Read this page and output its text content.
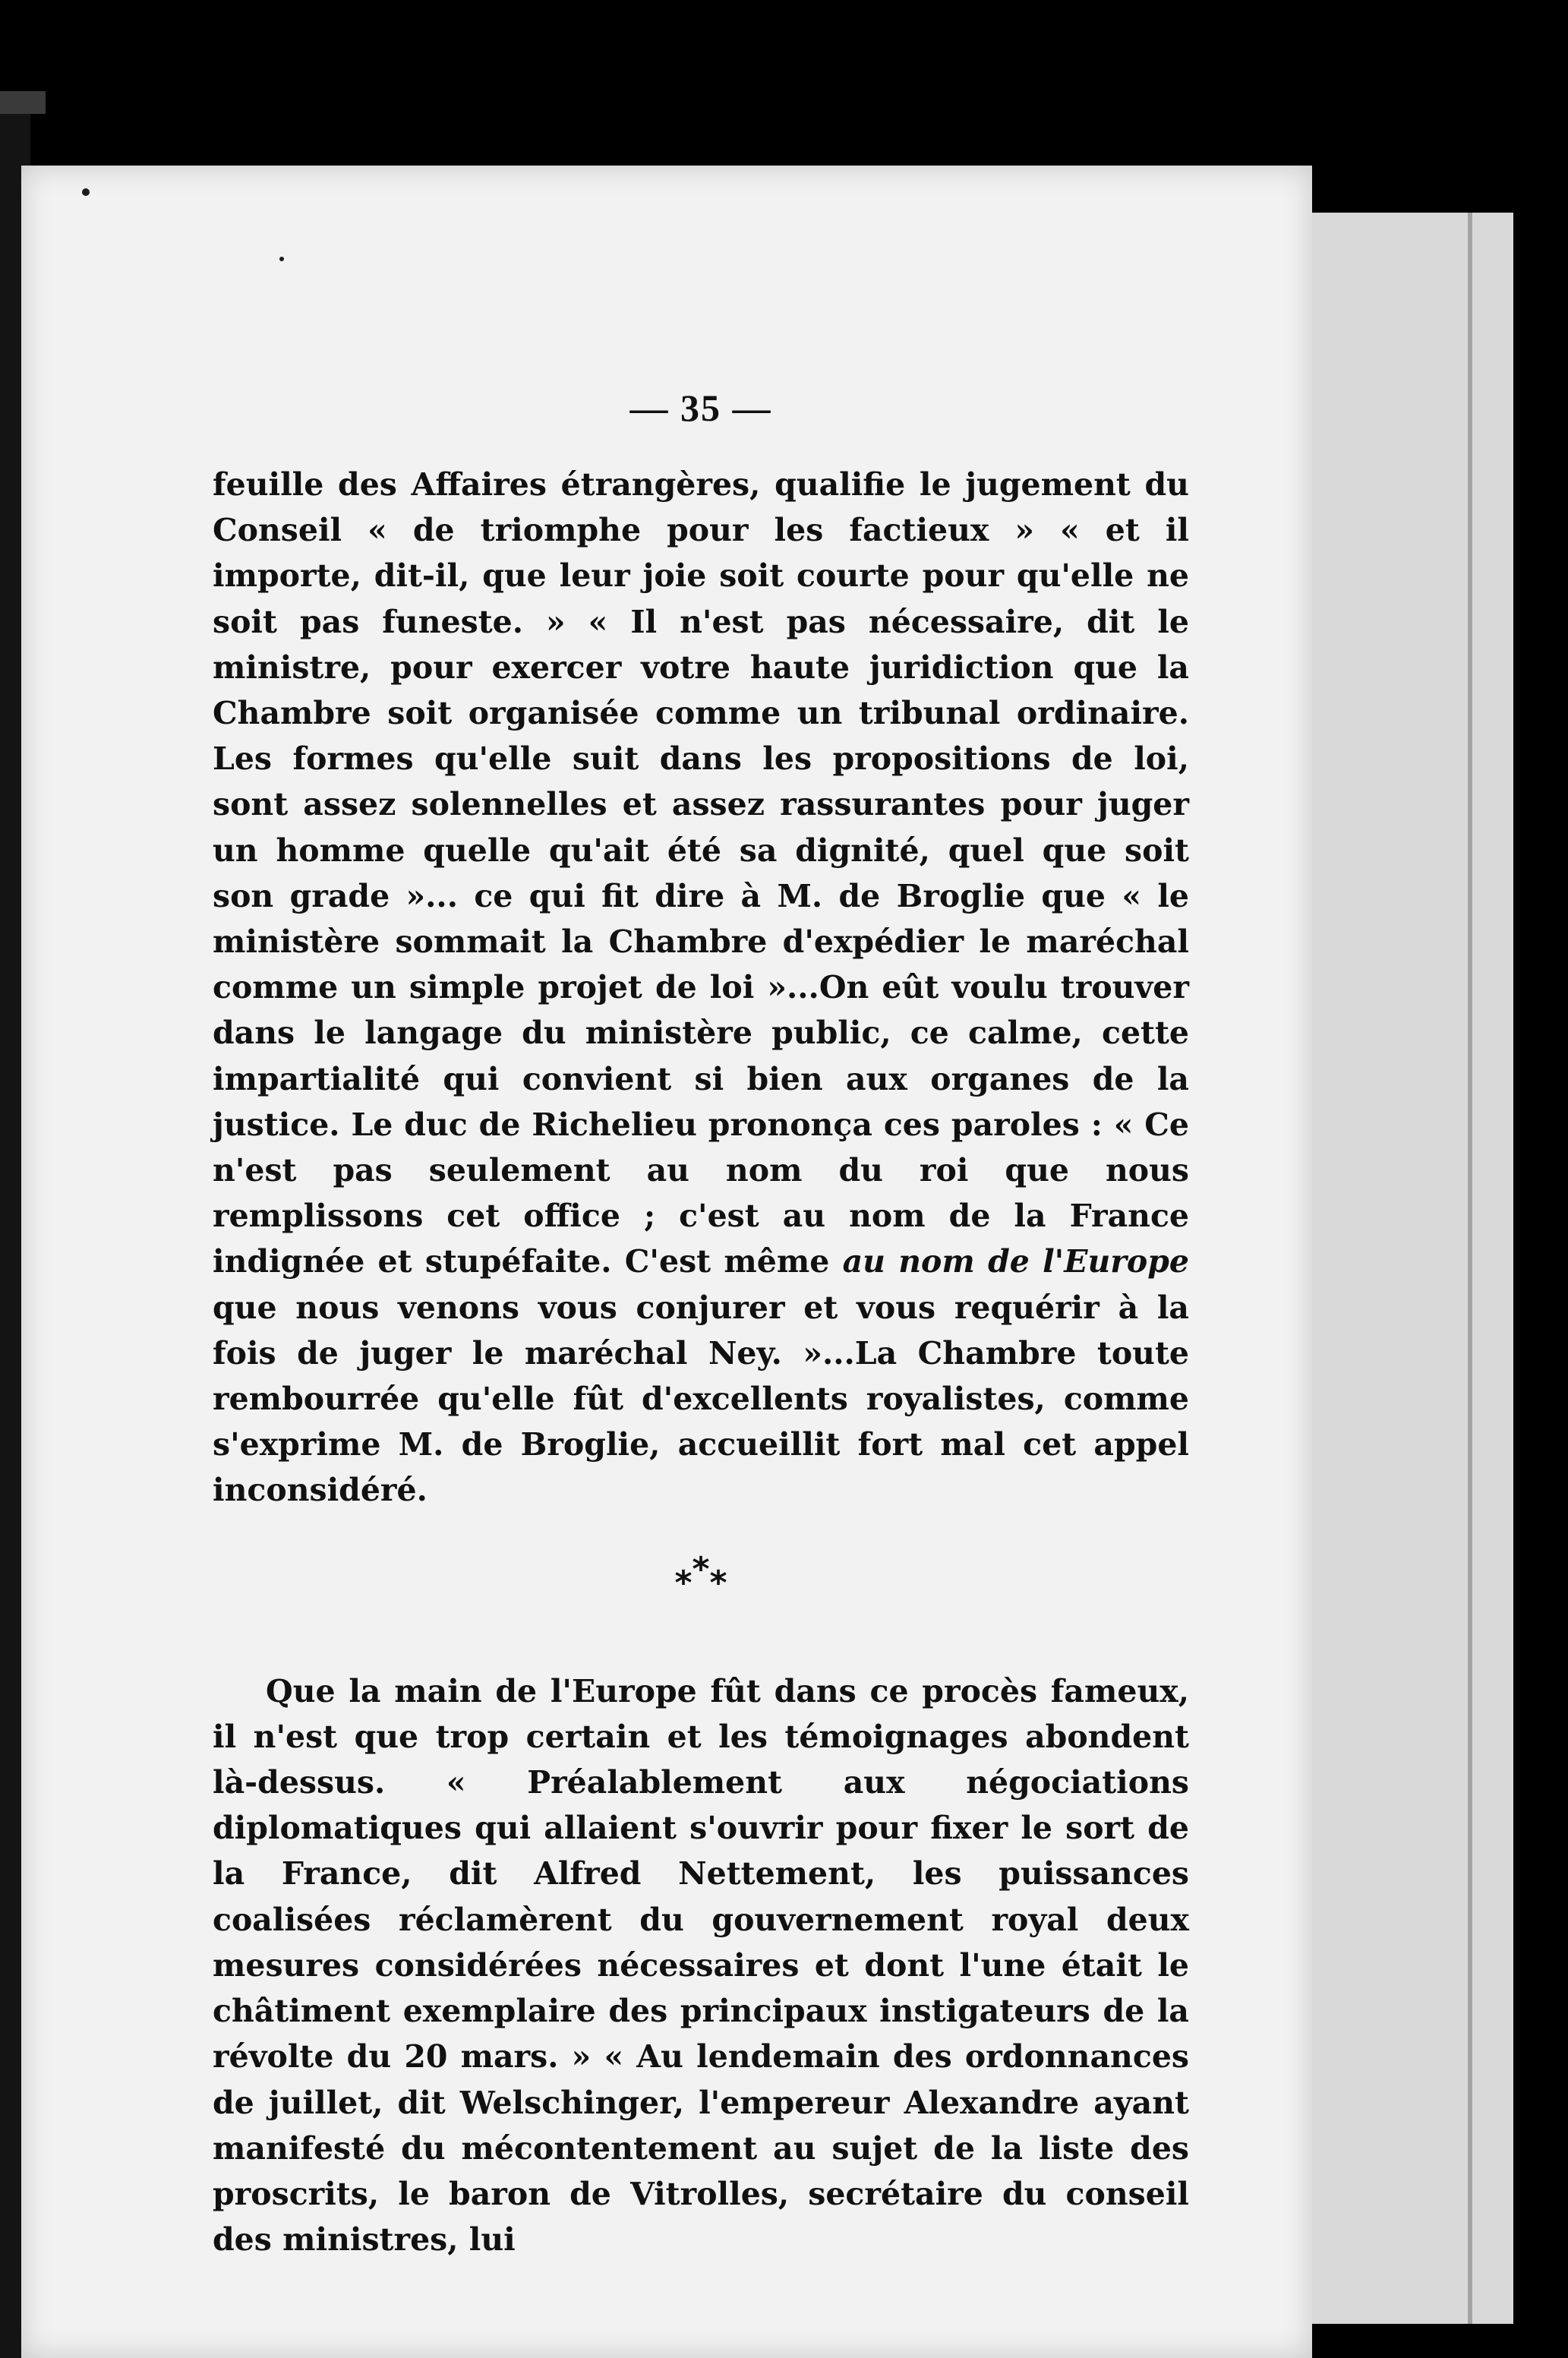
— 35 —

feuille des Affaires étrangères, qualifie le jugement du Conseil « de triomphe pour les factieux » « et il importe, dit-il, que leur joie soit courte pour qu'elle ne soit pas funeste. » « Il n'est pas nécessaire, dit le ministre, pour exercer votre haute juridiction que la Chambre soit organisée comme un tribunal ordinaire. Les formes qu'elle suit dans les propositions de loi, sont assez solennelles et assez rassurantes pour juger un homme quelle qu'ait été sa dignité, quel que soit son grade »... ce qui fit dire à M. de Broglie que « le ministère sommait la Chambre d'expédier le maréchal comme un simple projet de loi »...On eût voulu trouver dans le langage du ministère public, ce calme, cette impartialité qui convient si bien aux organes de la justice. Le duc de Richelieu prononça ces paroles : « Ce n'est pas seulement au nom du roi que nous remplissons cet office ; c'est au nom de la France indignée et stupéfaite. C'est même au nom de l'Europe que nous venons vous conjurer et vous requérir à la fois de juger le maréchal Ney. »...La Chambre toute rembourrée qu'elle fût d'excellents royalistes, comme s'exprime M. de Broglie, accueillit fort mal cet appel inconsidéré.

***

Que la main de l'Europe fût dans ce procès fameux, il n'est que trop certain et les témoignages abondent là-dessus. « Préalablement aux négociations diplomatiques qui allaient s'ouvrir pour fixer le sort de la France, dit Alfred Nettement, les puissances coalisées réclamèrent du gouvernement royal deux mesures considérées nécessaires et dont l'une était le châtiment exemplaire des principaux instigateurs de la révolte du 20 mars. » « Au lendemain des ordonnances de juillet, dit Welschinger, l'empereur Alexandre ayant manifesté du mécontentement au sujet de la liste des proscrits, le baron de Vitrolles, secrétaire du conseil des ministres, lui
